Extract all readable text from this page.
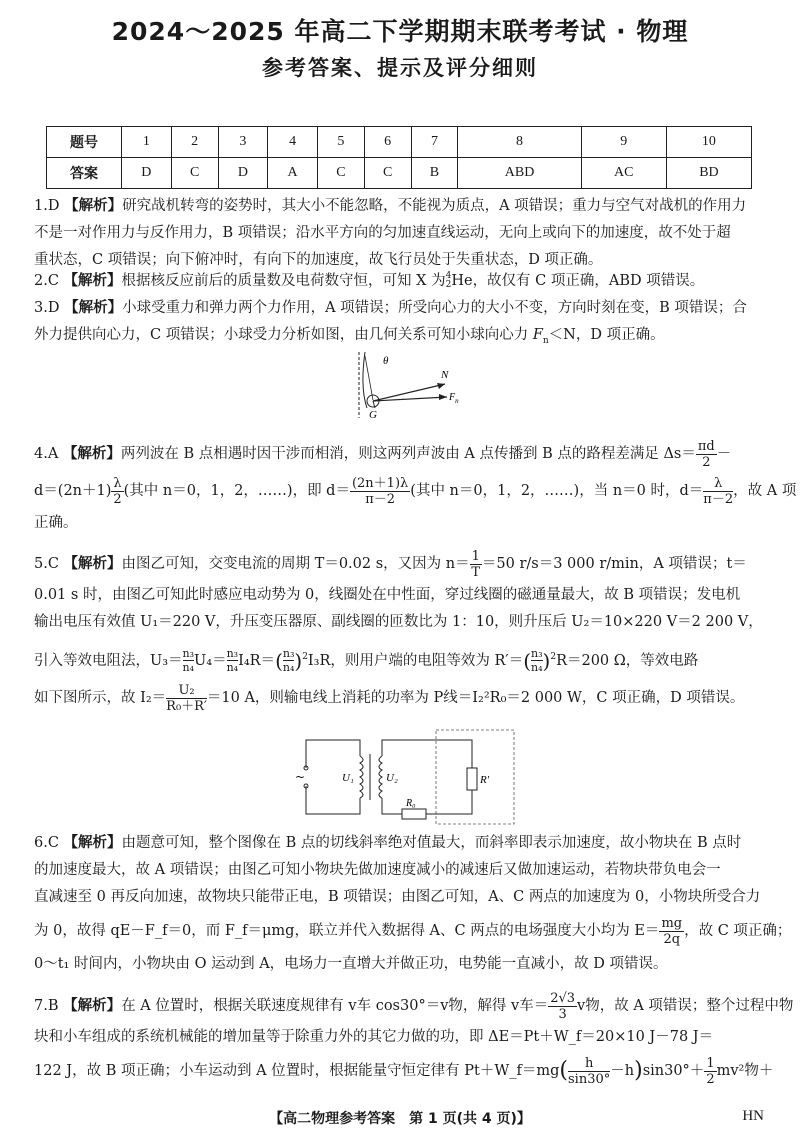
2024～2025 年高二下学期期末联考考试 · 物理
参考答案、提示及评分细则
题号	1	2	3	4	5	6	7	8	9	10
答案	D	C	D	A	C	C	B	ABD	AC	BD

1.D 【解析】研究战机转弯的姿势时，其大小不能忽略，不能视为质点，A 项错误；重力与空气对战机的作用力

不是一对作用力与反作用力，B 项错误；沿水平方向的匀加速直线运动，无向上或向下的加速度，故不处于超

重状态，C 项错误；向下俯冲时，有向下的加速度，故飞行员处于失重状态，D 项正确。

2.C 【解析】根据核反应前后的质量数及电荷数守恒，可知 X 为 4
2 He，故仅有 C 项正确，ABD 项错误。

3.D 【解析】小球受重力和弹力两个力作用，A 项错误；所受向心力的大小不变，方向时刻在变，B 项错误；合

外力提供向心力，C 项错误；小球受力分析如图，由几何关系可知小球向心力 $F_n<N$，D 项正确。

θ
N
G
$F_n$

4.A 【解析】两列波在 B 点相遇时因干涉而相消，则这两列声波由 A 点传播到 B 点的路程差满足 $\Delta s= \frac{\pi d}{2}$ －

$d=(2n+1) \frac{\lambda}{2}$ (其中 n＝0，1，2，……)，即 $d= \frac{(2n+1)\lambda}{\pi-2}$ (其中 n＝0，1，2，……)，当 n＝0 时，$d= \frac{\lambda}{\pi-2}$ ，故 A 项

正确。

5.C 【解析】由图乙可知，交变电流的周期 T＝0.02 s，又因为 $n= \frac{1}{T} =50$ r/s＝3 000 r/min，A 项错误；t＝

0.01 s 时，由图乙可知此时感应电动势为 0，线圈处在中性面，穿过线圈的磁通量最大，故 B 项错误；发电机

输出电压有效值 U₁＝220 V，升压变压器原、副线圈的匝数比为 1：10，则升压后 U₂＝10×220 V＝2 200 V，

引入等效电阻法，$U_3= \frac{\text{n₃}}{\text{n₄}} U_4= \frac{\text{n₃}}{\text{n₄}} I_4R=( \frac{\text{n₃}}{\text{n₄}} )^2I_3R$，则用户端的电阻等效为 $R'=( \frac{\text{n₃}}{\text{n₄}} )^2R=200$ Ω，等效电路

如下图所示，故 $I_2= \frac{\text{U₂}}{\text{R₀＋R′}} =10$ A，则输电线上消耗的功率为 P线＝I₂²R₀＝2 000 W，C 项正确，D 项错误。

~	U₁	U₂
R₀
R′

6.C 【解析】由题意可知，整个图像在 B 点的切线斜率绝对值最大，而斜率即表示加速度，故小物块在 B 点时

的加速度最大，故 A 项错误；由图乙可知小物块先做加速度减小的减速后又做加速运动，若物块带负电会一

直减速至 0 再反向加速，故物块只能带正电，B 项错误；由图乙可知，A、C 两点的加速度为 0，小物块所受合力

为 0，故得 qE－F_f＝0，而 F_f＝μmg，联立并代入数据得 A、C 两点的电场强度大小均为 $E= \frac{mg}{2q}$ ，故 C 项正确；

0～t₁ 时间内，小物块由 O 运动到 A，电场力一直增大并做正功，电势能一直减小，故 D 项错误。

7.B 【解析】在 A 位置时，根据关联速度规律有 v车 cos30°＝v物，解得 v车＝ $\frac{2√3}{3}$ v物，故 A 项错误；整个过程中物

块和小车组成的系统机械能的增加量等于除重力外的其它力做的功，即 ΔE＝Pt＋W_f＝20×10 J－78 J＝

122 J，故 B 项正确；小车运动到 A 位置时，根据能量守恒定律有 Pt＋W_f＝mg( $\frac{h}{\sin 30^\circ} -h)\sin 30^\circ+ \frac{1}{2} mv^2$物＋

【高二物理参考答案　第 1 页(共 4 页)】	HN
